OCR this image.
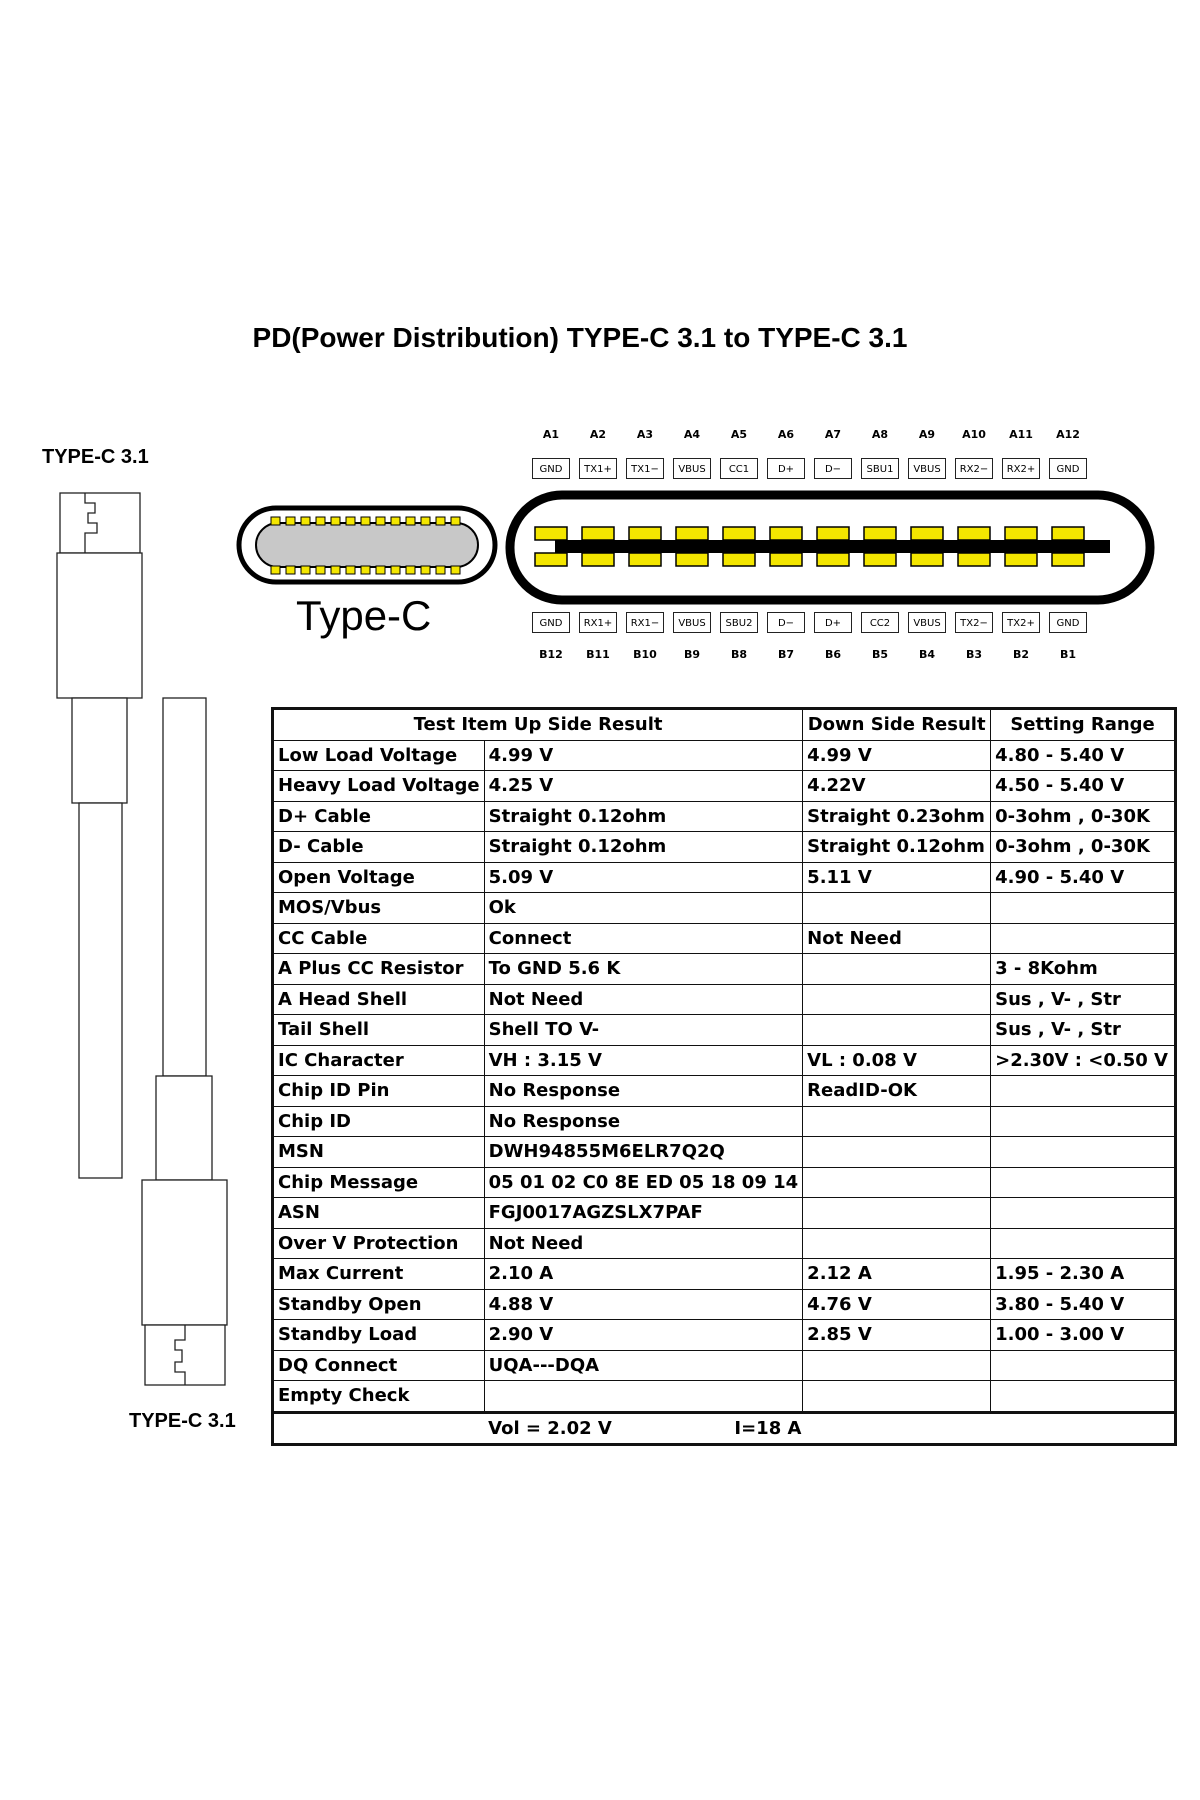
PD(Power Distribution) TYPE-C 3.1 to TYPE-C 3.1
TYPE-C 3.1
TYPE-C 3.1
Type-C
A1
GND
A2
TX1+
A3
TX1−
A4
VBUS
A5
CC1
A6
D+
A7
D−
A8
SBU1
A9
VBUS
A10
RX2−
A11
RX2+
A12
GND
B12
GND
B11
RX1+
B10
RX1−
B9
VBUS
B8
SBU2
B7
D−
B6
D+
B5
CC2
B4
VBUS
B3
TX2−
B2
TX2+
B1
GND
Test Item Up Side Result		Down Side Result	Setting Range
Low Load Voltage	4.99 V	4.99 V	4.80 - 5.40 V
Heavy Load Voltage	4.25 V	4.22V	4.50 - 5.40 V
D+ Cable	Straight 0.12ohm	Straight 0.23ohm	0-3ohm , 0-30K
D- Cable	Straight 0.12ohm	Straight 0.12ohm	0-3ohm , 0-30K
Open Voltage	5.09 V	5.11 V	4.90 - 5.40 V
MOS/Vbus	Ok		
CC Cable	Connect	Not Need	
A Plus CC Resistor	To GND 5.6 K		3 - 8Kohm
A Head Shell	Not Need		Sus , V- , Str
Tail Shell	Shell TO V-		Sus , V- , Str
IC Character	VH : 3.15 V	VL : 0.08 V	>2.30V : <0.50 V
Chip ID Pin	No Response	ReadID-OK	
Chip ID	No Response		
MSN	DWH94855M6ELR7Q2Q		
Chip Message	05 01 02 C0 8E ED 05 18 09 14		
ASN	FGJ0017AGZSLX7PAF		
Over V Protection	Not Need		
Max Current	2.10 A	2.12 A	1.95 - 2.30 A
Standby Open	4.88 V	4.76 V	3.80 - 5.40 V
Standby Load	2.90 V	2.85 V	1.00 - 3.00 V
DQ Connect	UQA---DQA		
Empty Check			
	Vol = 2.02 V I=18 A		
